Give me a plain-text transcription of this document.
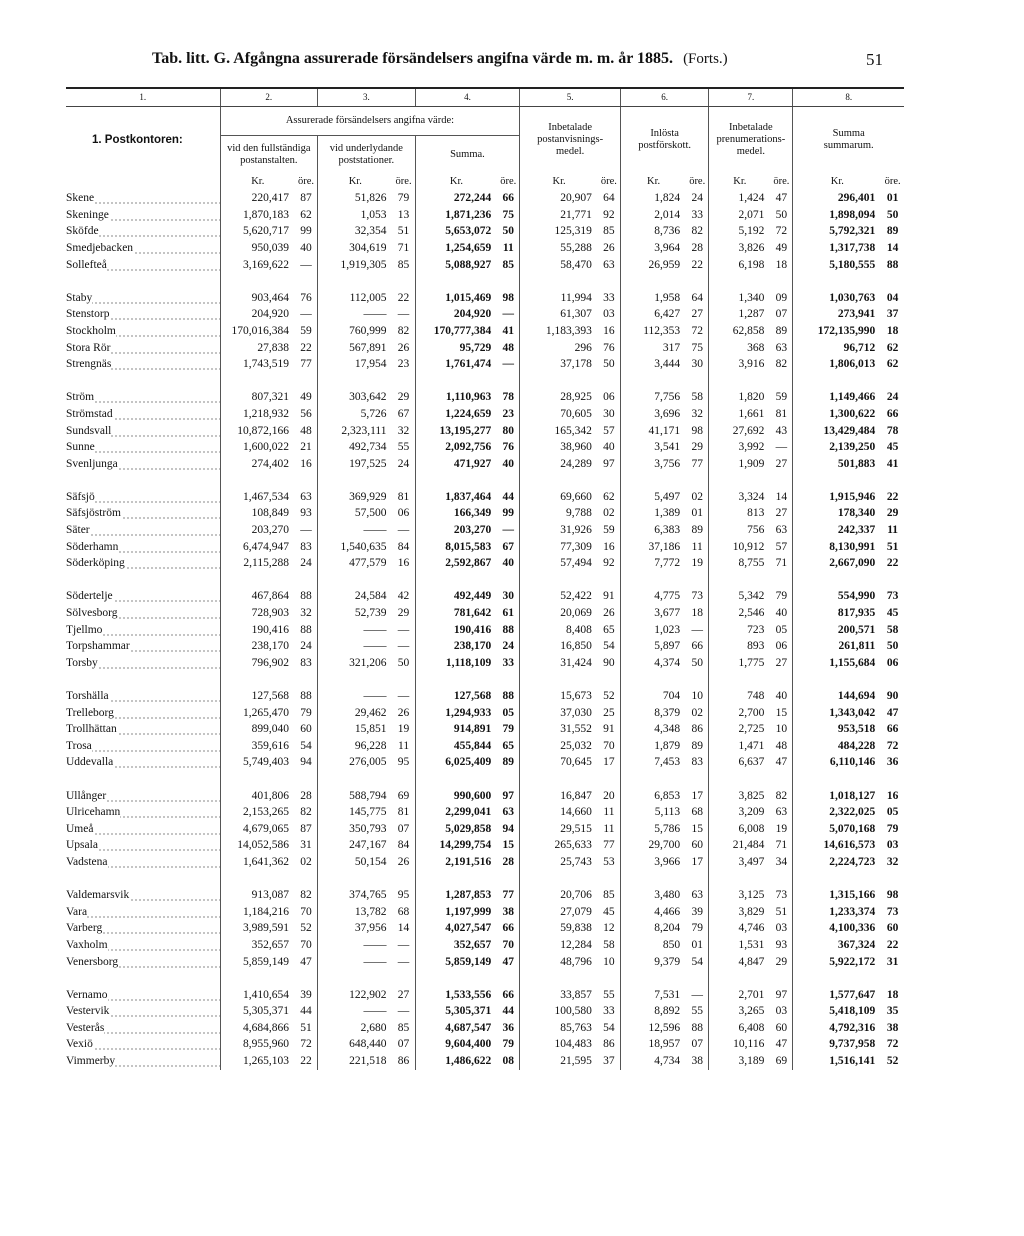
Tab. litt. G. Afgångna assurerade försändelsers angifna värde m. m. år 1885. (Forts.)	51
1.	2.		3.		4.		5.		6.		7.		8.	
1. Postkontoren:	Assurerade försändelsers angifna värde:						Inbetalade postanvisnings-medel.		Inlösta postförskott.		Inbetalade prenumerations-medel.		Summa summarum.	
	vid den fullständiga postanstalten.		vid underlydande poststationer.		Summa.									
	Kr.	öre.	Kr.	öre.	Kr.	öre.	Kr.	öre.	Kr.	öre.	Kr.	öre.	Kr.	öre.
Skene	220,417	87	51,826	79	272,244	66	20,907	64	1,824	24	1,424	47	296,401	01
Skeninge	1,870,183	62	1,053	13	1,871,236	75	21,771	92	2,014	33	2,071	50	1,898,094	50
Sköfde	5,620,717	99	32,354	51	5,653,072	50	125,319	85	8,736	82	5,192	72	5,792,321	89
Smedjebacken	950,039	40	304,619	71	1,254,659	11	55,288	26	3,964	28	3,826	49	1,317,738	14
Sollefteå	3,169,622	—	1,919,305	85	5,088,927	85	58,470	63	26,959	22	6,198	18	5,180,555	88

Staby	903,464	76	112,005	22	1,015,469	98	11,994	33	1,958	64	1,340	09	1,030,763	04
Stenstorp	204,920	—	——	—	204,920	—	61,307	03	6,427	27	1,287	07	273,941	37
Stockholm	170,016,384	59	760,999	82	170,777,384	41	1,183,393	16	112,353	72	62,858	89	172,135,990	18
Stora Rör	27,838	22	567,891	26	95,729	48	296	76	317	75	368	63	96,712	62
Strengnäs	1,743,519	77	17,954	23	1,761,474	—	37,178	50	3,444	30	3,916	82	1,806,013	62

Ström	807,321	49	303,642	29	1,110,963	78	28,925	06	7,756	58	1,820	59	1,149,466	24
Strömstad	1,218,932	56	5,726	67	1,224,659	23	70,605	30	3,696	32	1,661	81	1,300,622	66
Sundsvall	10,872,166	48	2,323,111	32	13,195,277	80	165,342	57	41,171	98	27,692	43	13,429,484	78
Sunne	1,600,022	21	492,734	55	2,092,756	76	38,960	40	3,541	29	3,992	—	2,139,250	45
Svenljunga	274,402	16	197,525	24	471,927	40	24,289	97	3,756	77	1,909	27	501,883	41

Säfsjö	1,467,534	63	369,929	81	1,837,464	44	69,660	62	5,497	02	3,324	14	1,915,946	22
Säfsjöström	108,849	93	57,500	06	166,349	99	9,788	02	1,389	01	813	27	178,340	29
Säter	203,270	—	——	—	203,270	—	31,926	59	6,383	89	756	63	242,337	11
Söderhamn	6,474,947	83	1,540,635	84	8,015,583	67	77,309	16	37,186	11	10,912	57	8,130,991	51
Söderköping	2,115,288	24	477,579	16	2,592,867	40	57,494	92	7,772	19	8,755	71	2,667,090	22

Södertelje	467,864	88	24,584	42	492,449	30	52,422	91	4,775	73	5,342	79	554,990	73
Sölvesborg	728,903	32	52,739	29	781,642	61	20,069	26	3,677	18	2,546	40	817,935	45
Tjellmo	190,416	88	——	—	190,416	88	8,408	65	1,023	—	723	05	200,571	58
Torpshammar	238,170	24	——	—	238,170	24	16,850	54	5,897	66	893	06	261,811	50
Torsby	796,902	83	321,206	50	1,118,109	33	31,424	90	4,374	50	1,775	27	1,155,684	06

Torshälla	127,568	88	——	—	127,568	88	15,673	52	704	10	748	40	144,694	90
Trelleborg	1,265,470	79	29,462	26	1,294,933	05	37,030	25	8,379	02	2,700	15	1,343,042	47
Trollhättan	899,040	60	15,851	19	914,891	79	31,552	91	4,348	86	2,725	10	953,518	66
Trosa	359,616	54	96,228	11	455,844	65	25,032	70	1,879	89	1,471	48	484,228	72
Uddevalla	5,749,403	94	276,005	95	6,025,409	89	70,645	17	7,453	83	6,637	47	6,110,146	36

Ullånger	401,806	28	588,794	69	990,600	97	16,847	20	6,853	17	3,825	82	1,018,127	16
Ulricehamn	2,153,265	82	145,775	81	2,299,041	63	14,660	11	5,113	68	3,209	63	2,322,025	05
Umeå	4,679,065	87	350,793	07	5,029,858	94	29,515	11	5,786	15	6,008	19	5,070,168	79
Upsala	14,052,586	31	247,167	84	14,299,754	15	265,633	77	29,700	60	21,484	71	14,616,573	03
Vadstena	1,641,362	02	50,154	26	2,191,516	28	25,743	53	3,966	17	3,497	34	2,224,723	32

Valdemarsvik	913,087	82	374,765	95	1,287,853	77	20,706	85	3,480	63	3,125	73	1,315,166	98
Vara	1,184,216	70	13,782	68	1,197,999	38	27,079	45	4,466	39	3,829	51	1,233,374	73
Varberg	3,989,591	52	37,956	14	4,027,547	66	59,838	12	8,204	79	4,746	03	4,100,336	60
Vaxholm	352,657	70	——	—	352,657	70	12,284	58	850	01	1,531	93	367,324	22
Venersborg	5,859,149	47	——	—	5,859,149	47	48,796	10	9,379	54	4,847	29	5,922,172	31

Vernamo	1,410,654	39	122,902	27	1,533,556	66	33,857	55	7,531	—	2,701	97	1,577,647	18
Vestervik	5,305,371	44	——	—	5,305,371	44	100,580	33	8,892	55	3,265	03	5,418,109	35
Vesterås	4,684,866	51	2,680	85	4,687,547	36	85,763	54	12,596	88	6,408	60	4,792,316	38
Vexiö	8,955,960	72	648,440	07	9,604,400	79	104,483	86	18,957	07	10,116	47	9,737,958	72
Vimmerby	1,265,103	22	221,518	86	1,486,622	08	21,595	37	4,734	38	3,189	69	1,516,141	52
